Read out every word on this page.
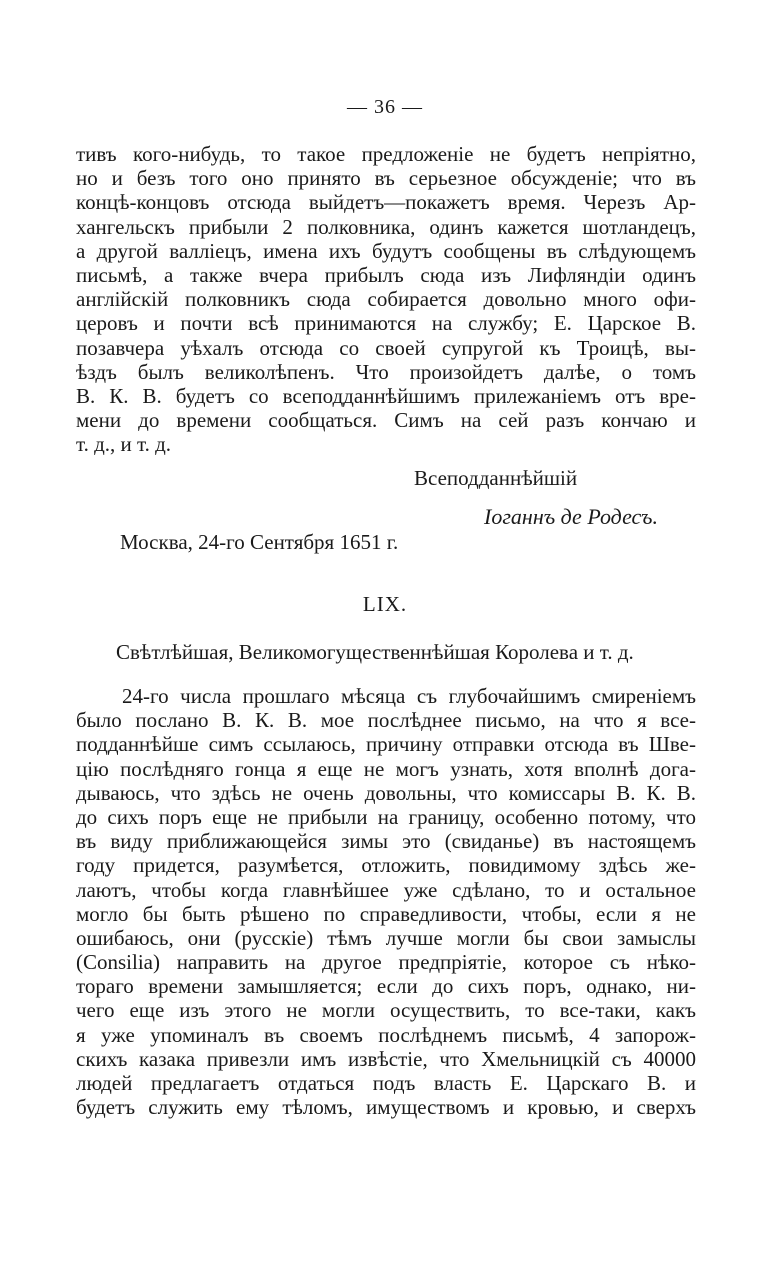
— 36 —
тивъ кого-нибудь, то такое предложеніе не будетъ непріятно,
но и безъ того оно принято въ серьезное обсужденіе; что въ
концѣ-концовъ отсюда выйдетъ—покажетъ время. Черезъ Ар-
хангельскъ прибыли 2 полковника, одинъ кажется шотландецъ,
а другой валліецъ, имена ихъ будутъ сообщены въ слѣдующемъ
письмѣ, а также вчера прибылъ сюда изъ Лифляндіи одинъ
англійскій полковникъ сюда собирается довольно много офи-
церовъ и почти всѣ принимаются на службу; Е. Царское В.
позавчера уѣхалъ отсюда со своей супругой къ Троицѣ, вы-
ѣздъ былъ великолѣпенъ. Что произойдетъ далѣе, о томъ
В. К. В. будетъ со всеподданнѣйшимъ прилежаніемъ отъ вре-
мени до времени сообщаться. Симъ на сей разъ кончаю и
т. д., и т. д.
Всеподданнѣйшій
Іоганнъ де Родесъ.
Москва, 24-го Сентября 1651 г.
LIX.
Свѣтлѣйшая, Великомогущественнѣйшая Королева и т. д.
24-го числа прошлаго мѣсяца съ глубочайшимъ смиреніемъ
было послано В. К. В. мое послѣднее письмо, на что я все-
подданнѣйше симъ ссылаюсь, причину отправки отсюда въ Шве-
цію послѣдняго гонца я еще не могъ узнать, хотя вполнѣ дога-
дываюсь, что здѣсь не очень довольны, что комиссары В. К. В.
до сихъ поръ еще не прибыли на границу, особенно потому, что
въ виду приближающейся зимы это (свиданье) въ настоящемъ
году придется, разумѣется, отложить, повидимому здѣсь же-
лаютъ, чтобы когда главнѣйшее уже сдѣлано, то и остальное
могло бы быть рѣшено по справедливости, чтобы, если я не
ошибаюсь, они (русскіе) тѣмъ лучше могли бы свои замыслы
(Consilia) направить на другое предпріятіе, которое съ нѣко-
тораго времени замышляется; если до сихъ поръ, однако, ни-
чего еще изъ этого не могли осуществить, то все-таки, какъ
я уже упоминалъ въ своемъ послѣднемъ письмѣ, 4 запорож-
скихъ казака привезли имъ извѣстіе, что Хмельницкій съ 40000
людей предлагаетъ отдаться подъ власть Е. Царскаго В. и
будетъ служить ему тѣломъ, имуществомъ и кровью, и сверхъ
